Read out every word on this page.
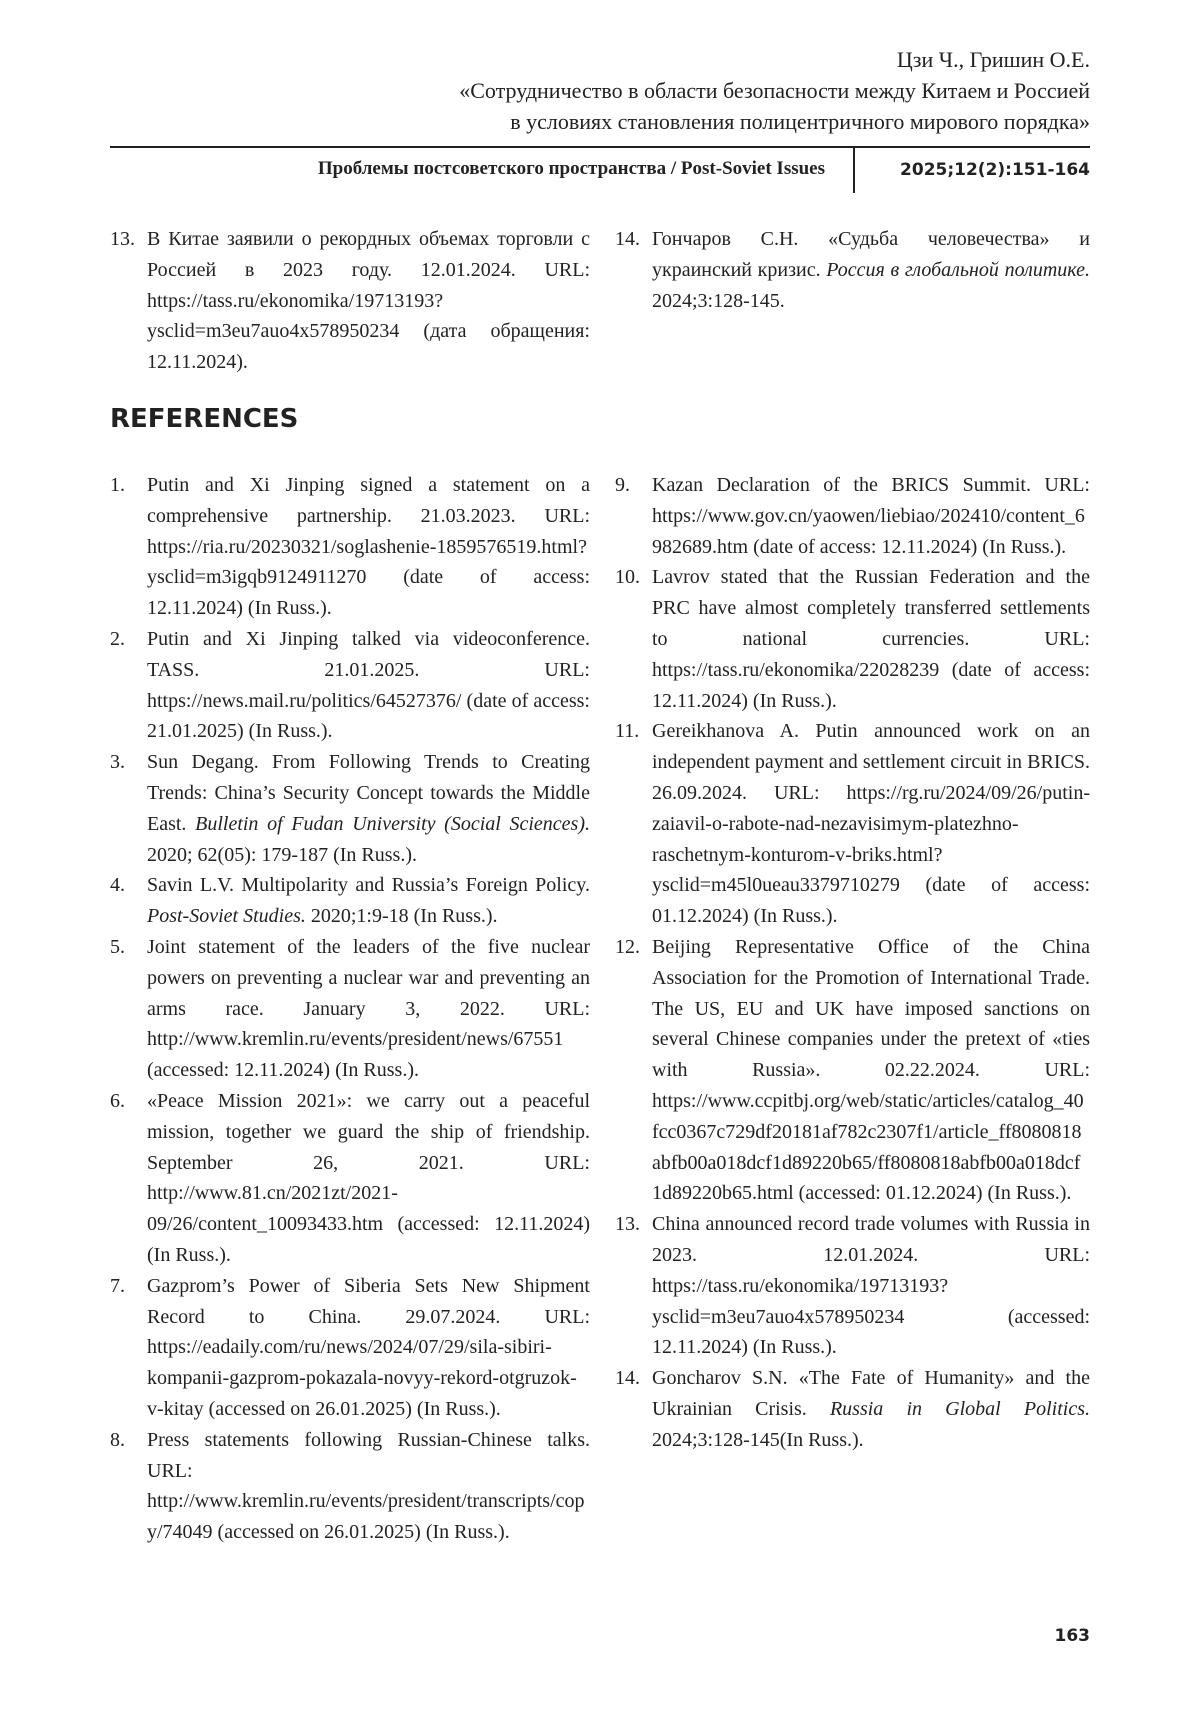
Цзи Ч., Гришин О.Е.
«Сотрудничество в области безопасности между Китаем и Россией
в условиях становления полицентричного мирового порядка»
Проблемы постсоветского пространства / Post-Soviet Issues	2025;12(2):151-164
13. В Китае заявили о рекордных объемах торговли с Россией в 2023 году. 12.01.2024. URL: https://tass.ru/ekonomika/19713193?ysclid=m3eu7auo4x578950234 (дата обращения: 12.11.2024).
14. Гончаров С.Н. «Судьба человечества» и украинский кризис. Россия в глобальной политике. 2024;3:128-145.
REFERENCES
1. Putin and Xi Jinping signed a statement on a comprehensive partnership. 21.03.2023. URL: https://ria.ru/20230321/soglashenie-1859576519.html?ysclid=m3igqb9124911270 (date of access: 12.11.2024) (In Russ.).
2. Putin and Xi Jinping talked via videoconference. TASS. 21.01.2025. URL: https://news.mail.ru/politics/64527376/ (date of access: 21.01.2025) (In Russ.).
3. Sun Degang. From Following Trends to Creating Trends: China’s Security Concept towards the Middle East. Bulletin of Fudan University (Social Sciences). 2020; 62(05): 179-187 (In Russ.).
4. Savin L.V. Multipolarity and Russia’s Foreign Policy. Post-Soviet Studies. 2020;1:9-18 (In Russ.).
5. Joint statement of the leaders of the five nuclear powers on preventing a nuclear war and preventing an arms race. January 3, 2022. URL: http://www.kremlin.ru/events/president/news/67551 (accessed: 12.11.2024) (In Russ.).
6. «Peace Mission 2021»: we carry out a peaceful mission, together we guard the ship of friendship. September 26, 2021. URL: http://www.81.cn/2021zt/2021-09/26/content_10093433.htm (accessed: 12.11.2024) (In Russ.).
7. Gazprom’s Power of Siberia Sets New Shipment Record to China. 29.07.2024. URL: https://eadaily.com/ru/news/2024/07/29/sila-sibiri-kompanii-gazprom-pokazala-novyy-rekord-otgruzok-v-kitay (accessed on 26.01.2025) (In Russ.).
8. Press statements following Russian-Chinese talks. URL: http://www.kremlin.ru/events/president/transcripts/copy/74049 (accessed on 26.01.2025) (In Russ.).
9. Kazan Declaration of the BRICS Summit. URL: https://www.gov.cn/yaowen/liebiao/202410/content_6982689.htm (date of access: 12.11.2024) (In Russ.).
10. Lavrov stated that the Russian Federation and the PRC have almost completely transferred settlements to national currencies. URL: https://tass.ru/ekonomika/22028239 (date of access: 12.11.2024) (In Russ.).
11. Gereikhanova A. Putin announced work on an independent payment and settlement circuit in BRICS. 26.09.2024. URL: https://rg.ru/2024/09/26/putin-zaiavil-o-rabote-nad-nezavisimym-platezhno-raschetnym-konturom-v-briks.html?ysclid=m45l0ueau3379710279 (date of access: 01.12.2024) (In Russ.).
12. Beijing Representative Office of the China Association for the Promotion of International Trade. The US, EU and UK have imposed sanctions on several Chinese companies under the pretext of «ties with Russia». 02.22.2024. URL: https://www.ccpitbj.org/web/static/articles/catalog_40fcc0367c729df20181af782c2307f1/article_ff8080818abfb00a018dcf1d89220b65/ff8080818abfb00a018dcf1d89220b65.html (accessed: 01.12.2024) (In Russ.).
13. China announced record trade volumes with Russia in 2023. 12.01.2024. URL: https://tass.ru/ekonomika/19713193?ysclid=m3eu7auo4x578950234 (accessed: 12.11.2024) (In Russ.).
14. Goncharov S.N. «The Fate of Humanity» and the Ukrainian Crisis. Russia in Global Politics. 2024;3:128-145(In Russ.).
163
